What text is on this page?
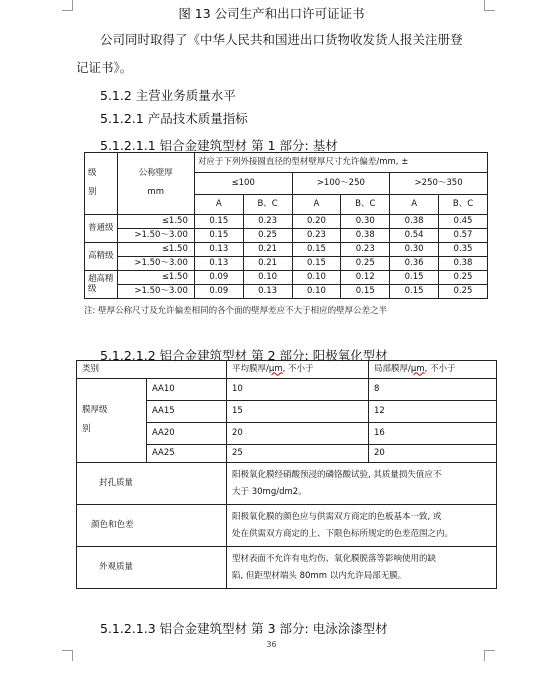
图 13 公司生产和出口许可证证书
公司同时取得了《中华人民共和国进出口货物收发货人报关注册登
记证书》。
5.1.2 主营业务质量水平
5.1.2.1 产品技术质量指标
5.1.2.1.1 铝合金建筑型材 第 1 部分: 基材
级

别	公称壁厚

mm	对应于下列外接圆直径的型材壁厚尺寸允许偏差/mm, ±					
		≤100		>100～250		>250～350	
		A	B、C	A	B、C	A	B、C
普通级	≤1.50	0.15	0.23	0.20	0.30	0.38	0.45
	>1.50～3.00	0.15	0.25	0.23	0.38	0.54	0.57
高精级	≤1.50	0.13	0.21	0.15	0.23	0.30	0.35
	>1.50～3.00	0.13	0.21	0.15	0.25	0.36	0.38
超高精
级	≤1.50	0.09	0.10	0.10	0.12	0.15	0.25
	>1.50～3.00	0.09	0.13	0.10	0.15	0.15	0.25
注: 壁厚公称尺寸及允许偏差相同的各个面的壁厚差应不大于相应的壁厚公差之半
5.1.2.1.2 铝合金建筑型材 第 2 部分: 阳极氧化型材
类别		平均膜厚/μm, 不小于	局部膜厚/μm, 不小于
膜厚级

别	AA10	10	8
	AA15	15	12
	AA20	20	16
	AA25	25	20
封孔质量		阳极氧化膜经硝酸预浸的磷铬酸试验, 其质量损失值应不
大于 30mg/dm2。	
颜色和色差		阳极氧化膜的颜色应与供需双方商定的色板基本一致, 或
处在供需双方商定的上、下限色标所规定的色差范围之内。	
外观质量		型材表面不允许有电灼伤、氧化膜脱落等影响使用的缺
陷, 但距型材端头 80mm 以内允许局部无膜。	
5.1.2.1.3 铝合金建筑型材 第 3 部分: 电泳涂漆型材
36
